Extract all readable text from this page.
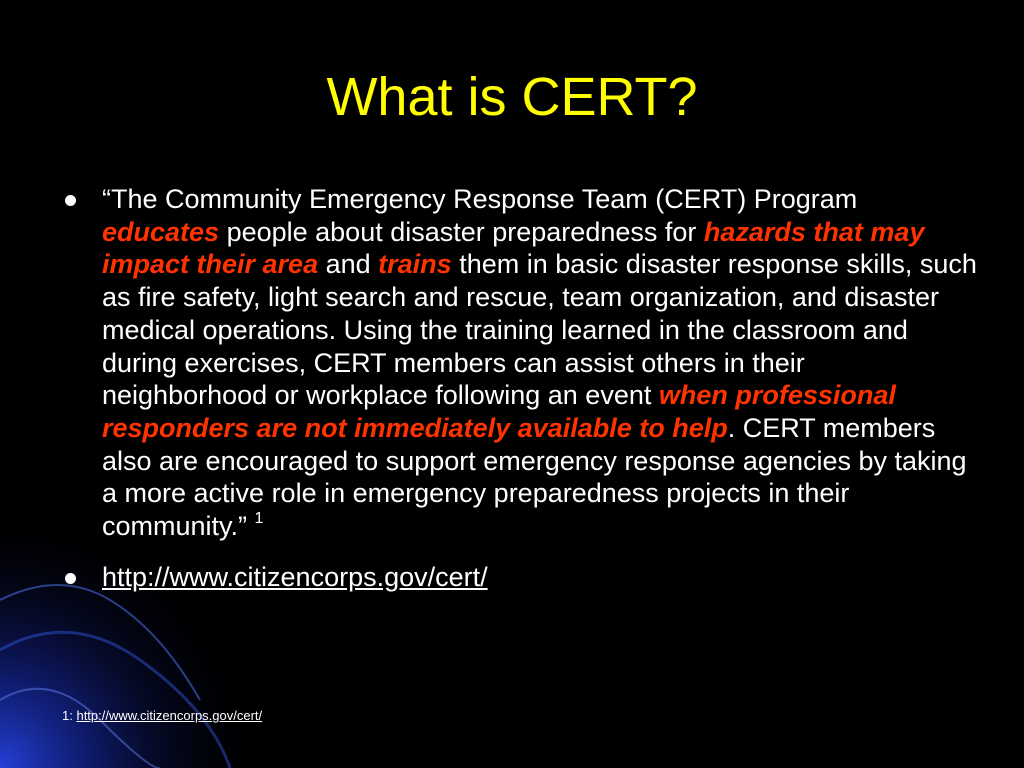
What is CERT?
“The Community Emergency Response Team (CERT) Program educates people about disaster preparedness for hazards that may impact their area and trains them in basic disaster response skills, such as fire safety, light search and rescue, team organization, and disaster medical operations. Using the training learned in the classroom and during exercises, CERT members can assist others in their neighborhood or workplace following an event when professional responders are not immediately available to help. CERT members also are encouraged to support emergency response agencies by taking a more active role in emergency preparedness projects in their community.” $^1$
http://www.citizencorps.gov/cert/
1: http://www.citizencorps.gov/cert/
